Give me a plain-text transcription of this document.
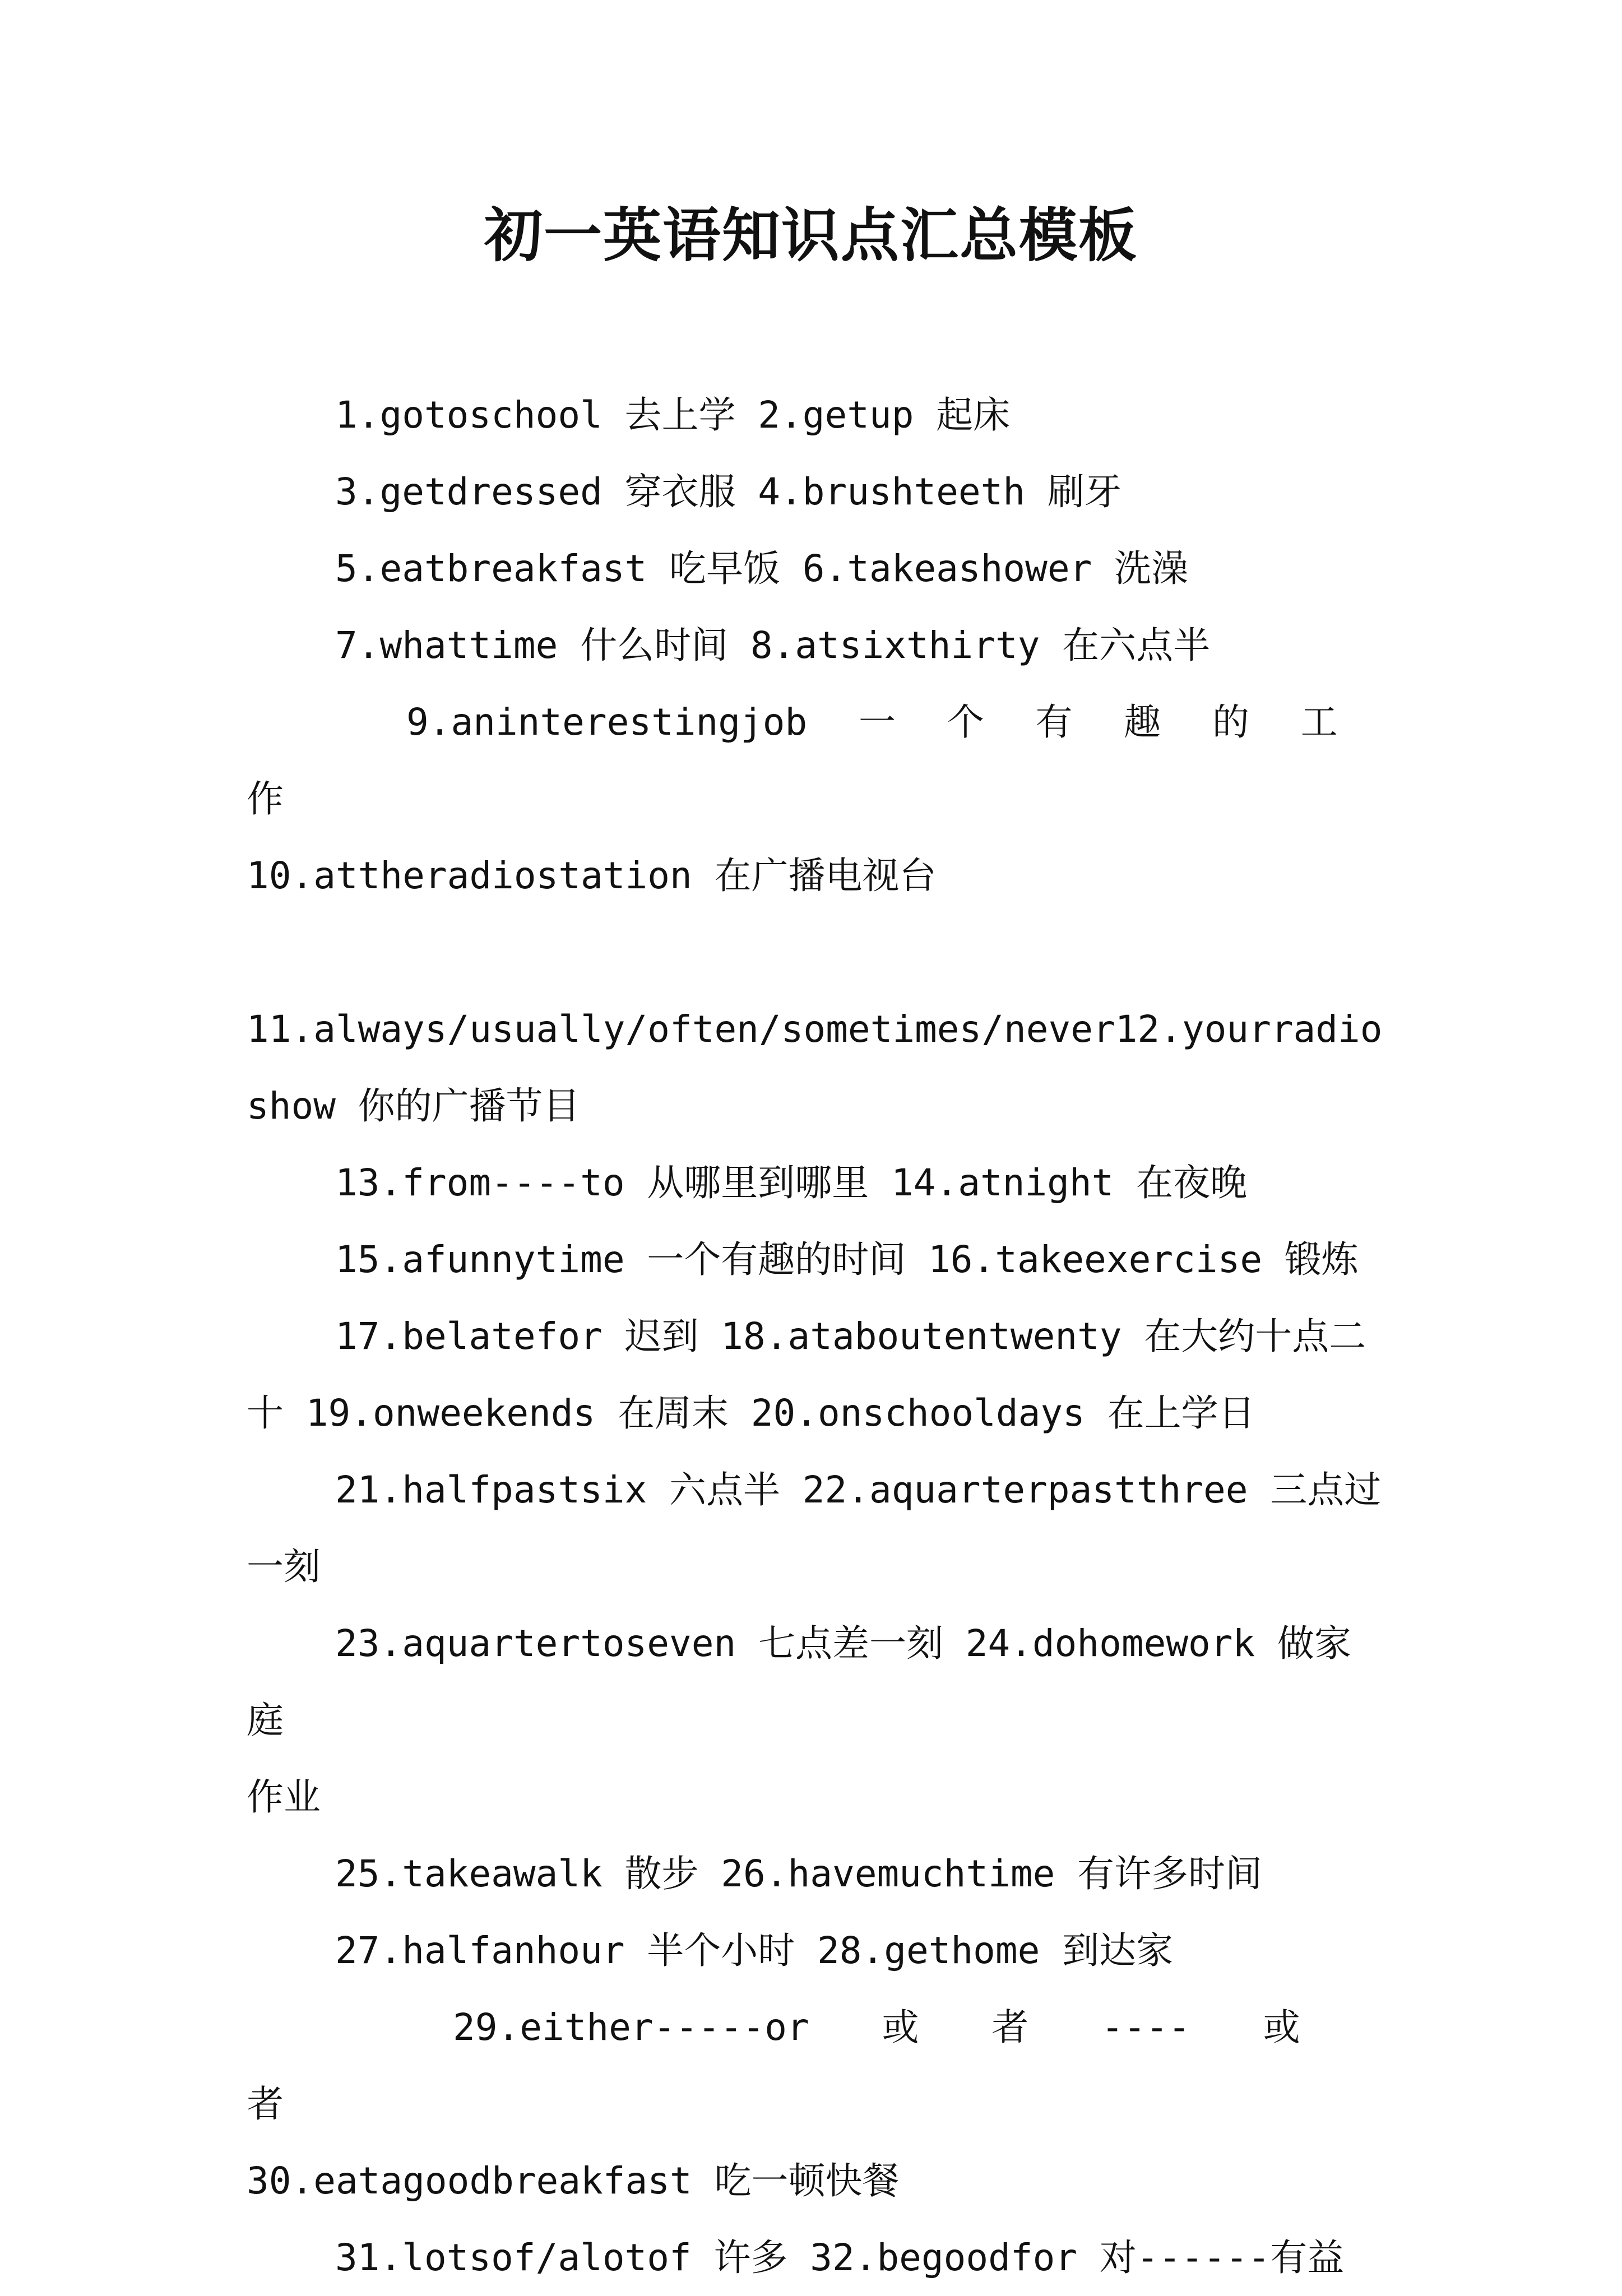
初一英语知识点汇总模板
1.gotoschool 去上学 2.getup 起床
3.getdressed 穿衣服 4.brushteeth 刷牙
5.eatbreakfast 吃早饭 6.takeashower 洗澡
7.whattime 什么时间 8.atsixthirty 在六点半
9.aninterestingjob 一 个 有 趣 的 工 作
10.attheradiostation 在广播电视台
11.always/usually/often/sometimes/never12.yourradio
show 你的广播节目
13.from----to 从哪里到哪里 14.atnight 在夜晚
15.afunnytime 一个有趣的时间 16.takeexercise 锻炼
17.belatefor 迟到 18.ataboutentwenty 在大约十点二
十 19.onweekends 在周末 20.onschooldays 在上学日
21.halfpastsix 六点半 22.aquarterpastthree 三点过
一刻
23.aquartertoseven 七点差一刻 24.dohomework 做家庭
作业
25.takeawalk 散步 26.havemuchtime 有许多时间
27.halfanhour 半个小时 28.gethome 到达家
29.either-----or 或 者 ---- 或 者
30.eatagoodbreakfast 吃一顿快餐
31.lotsof/alotof 许多 32.begoodfor 对------有益
